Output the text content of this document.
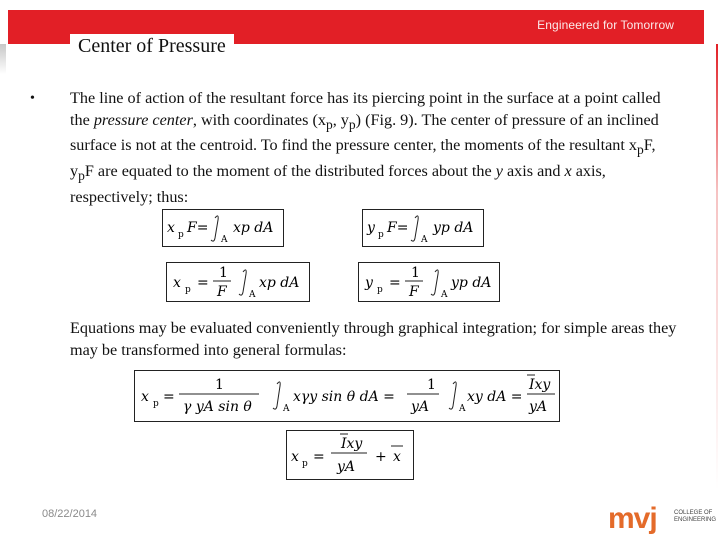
Engineered for Tomorrow
Center of Pressure
• The line of action of the resultant force has its piercing point in the surface at a point called the pressure center, with coordinates ($x_p$, $y_p$) (Fig. 9). The center of pressure of an inclined surface is not at the centroid. To find the pressure center, the moments of the resultant $x_pF$, $y_pF$ are equated to the moment of the distributed forces about the y axis and x axis, respectively; thus:
x p F=
A
xp dA	y p F=
A
yp dA
x p =
1
F A
xp dA	y p =
1
F A
yp dA
Equations may be evaluated conveniently through graphical integration; for simple areas they may be transformed into general formulas:
x p =
1
γ yA sin θ	A
xγy sin θ dA =
1
yA	A
xy dA =
Ixy
yA
x p =
Ixy
yA
+ x
08/22/2014	mvj	COLLEGE OF ENGINEERING
